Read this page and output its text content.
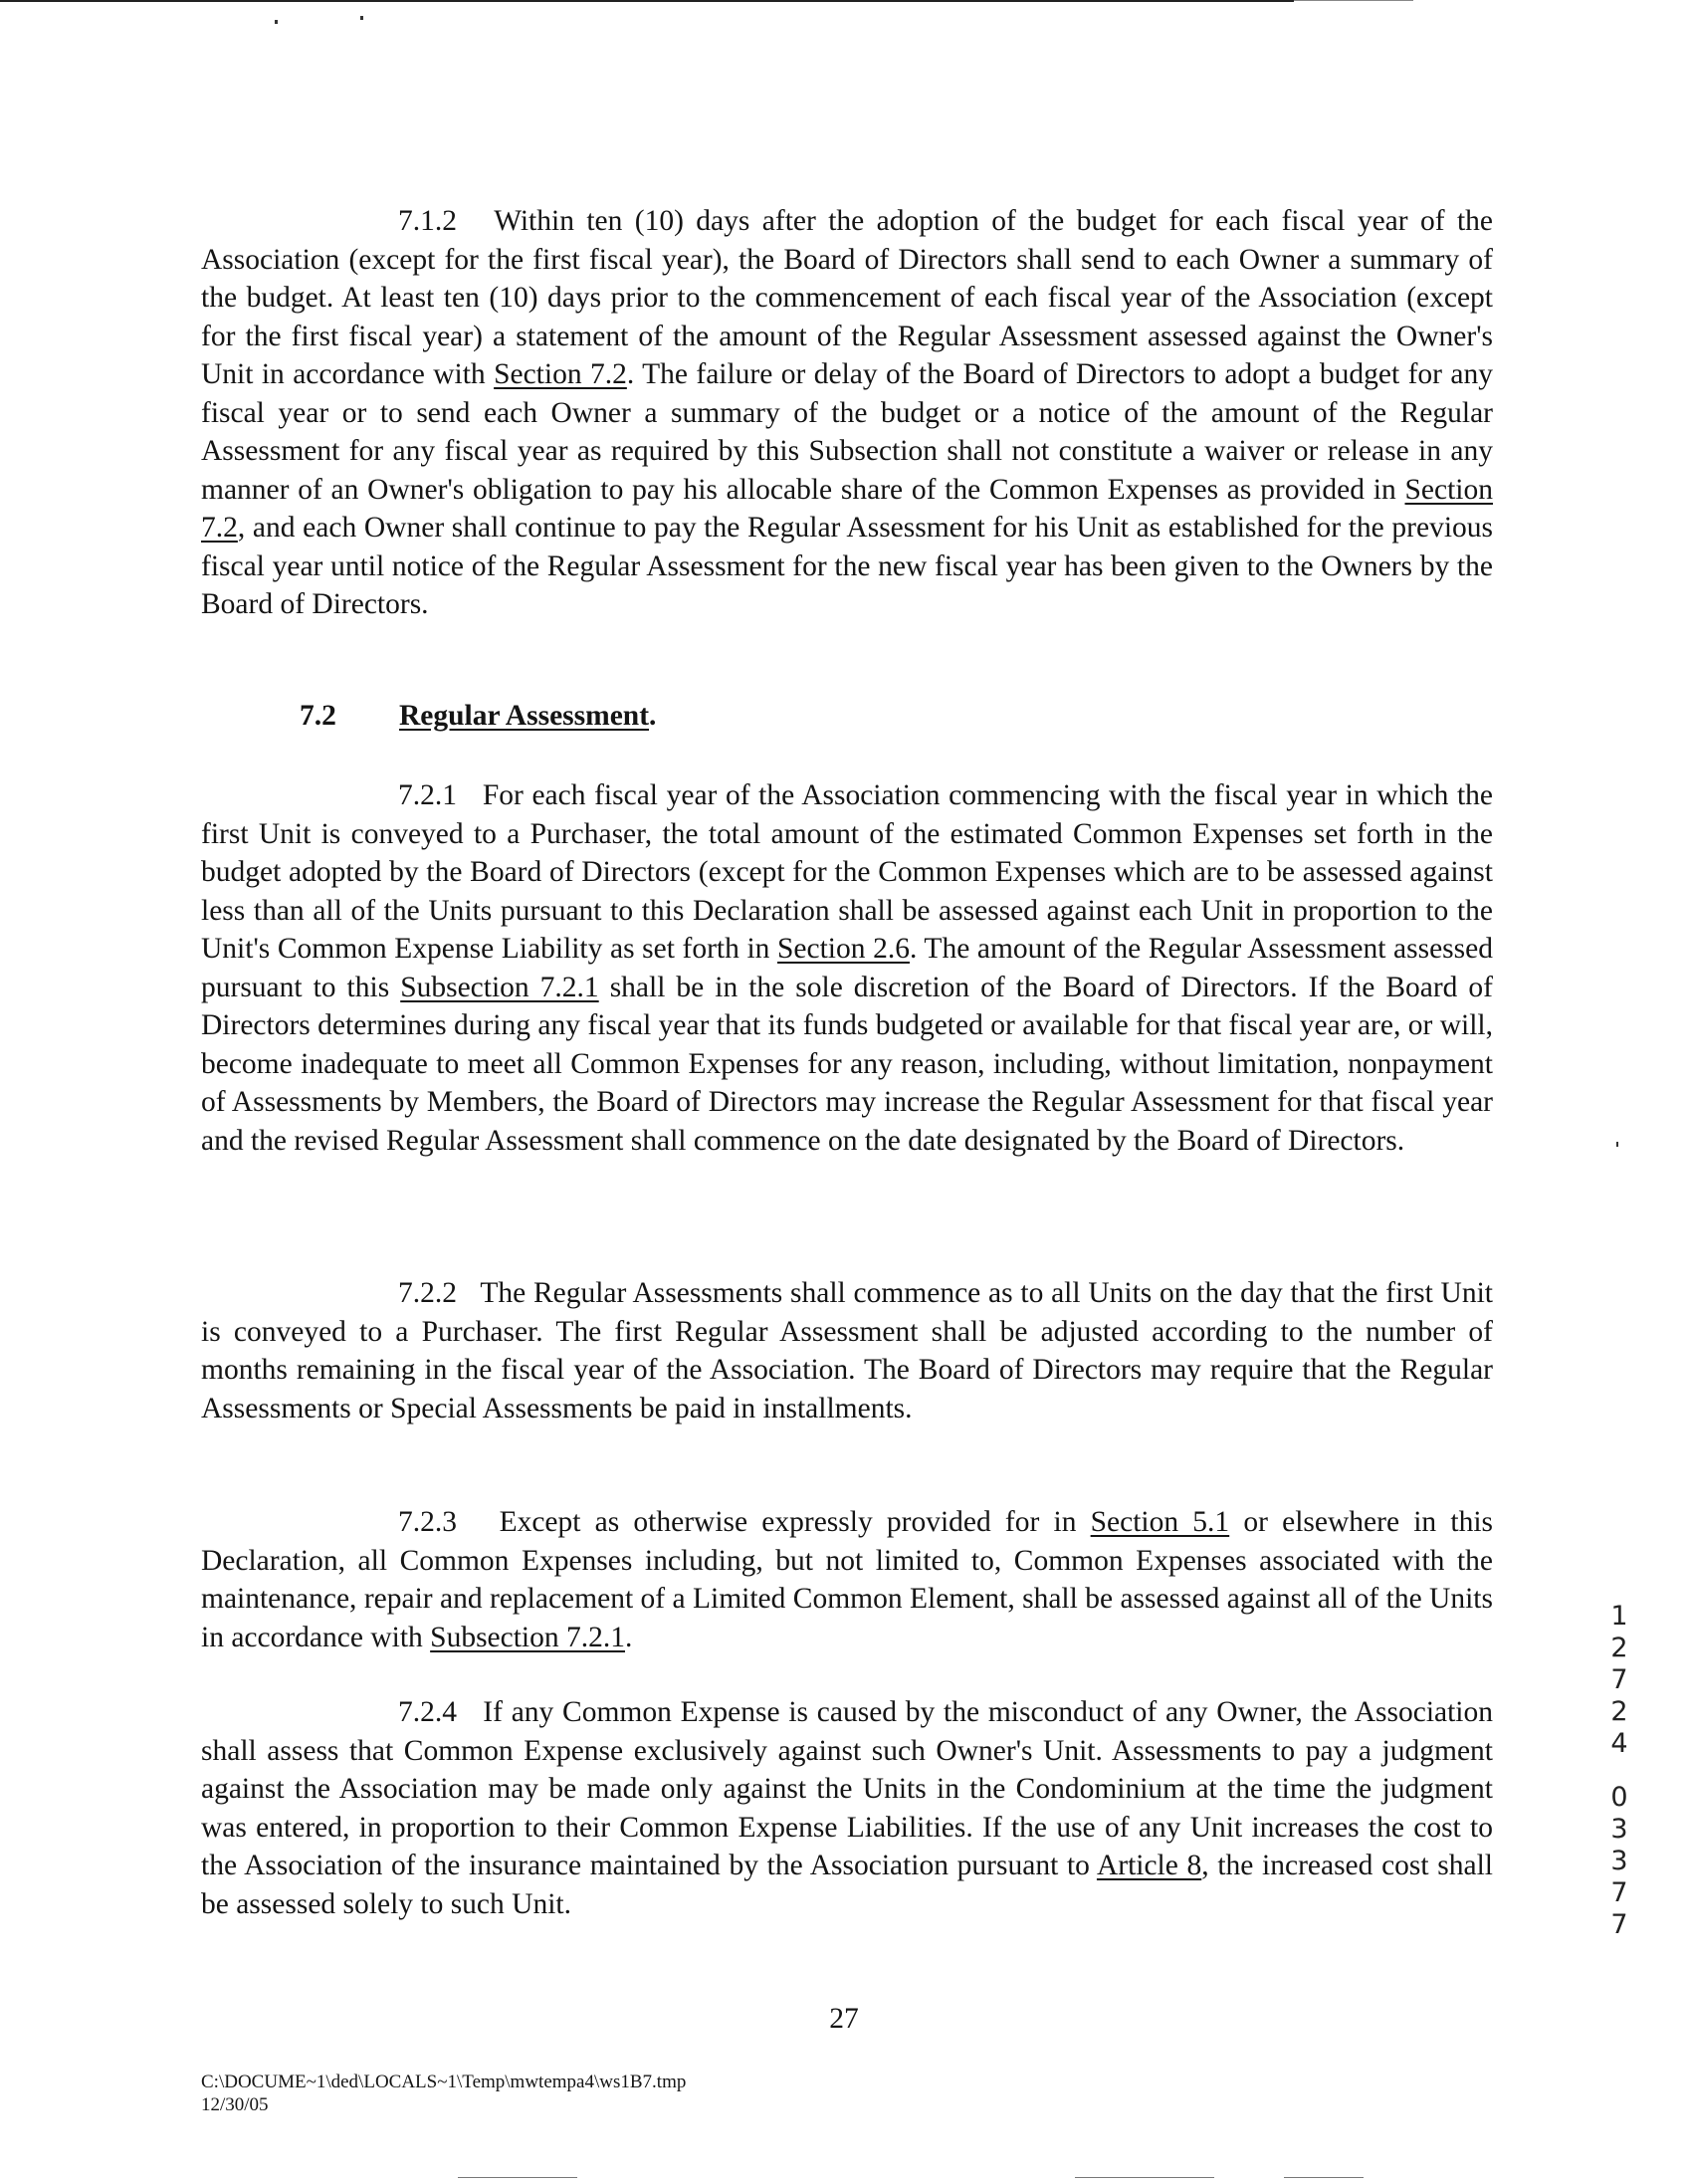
7.1.2 Within ten (10) days after the adoption of the budget for each fiscal year of the Association (except for the first fiscal year), the Board of Directors shall send to each Owner a summary of the budget. At least ten (10) days prior to the commencement of each fiscal year of the Association (except for the first fiscal year) a statement of the amount of the Regular Assessment assessed against the Owner's Unit in accordance with Section 7.2. The failure or delay of the Board of Directors to adopt a budget for any fiscal year or to send each Owner a summary of the budget or a notice of the amount of the Regular Assessment for any fiscal year as required by this Subsection shall not constitute a waiver or release in any manner of an Owner's obligation to pay his allocable share of the Common Expenses as provided in Section 7.2, and each Owner shall continue to pay the Regular Assessment for his Unit as established for the previous fiscal year until notice of the Regular Assessment for the new fiscal year has been given to the Owners by the Board of Directors.

7.2 Regular Assessment.

7.2.1 For each fiscal year of the Association commencing with the fiscal year in which the first Unit is conveyed to a Purchaser, the total amount of the estimated Common Expenses set forth in the budget adopted by the Board of Directors (except for the Common Expenses which are to be assessed against less than all of the Units pursuant to this Declaration shall be assessed against each Unit in proportion to the Unit's Common Expense Liability as set forth in Section 2.6. The amount of the Regular Assessment assessed pursuant to this Subsection 7.2.1 shall be in the sole discretion of the Board of Directors. If the Board of Directors determines during any fiscal year that its funds budgeted or available for that fiscal year are, or will, become inadequate to meet all Common Expenses for any reason, including, without limitation, nonpayment of Assessments by Members, the Board of Directors may increase the Regular Assessment for that fiscal year and the revised Regular Assessment shall commence on the date designated by the Board of Directors.

7.2.2 The Regular Assessments shall commence as to all Units on the day that the first Unit is conveyed to a Purchaser. The first Regular Assessment shall be adjusted according to the number of months remaining in the fiscal year of the Association. The Board of Directors may require that the Regular Assessments or Special Assessments be paid in installments.

7.2.3 Except as otherwise expressly provided for in Section 5.1 or elsewhere in this Declaration, all Common Expenses including, but not limited to, Common Expenses associated with the maintenance, repair and replacement of a Limited Common Element, shall be assessed against all of the Units in accordance with Subsection 7.2.1.

7.2.4 If any Common Expense is caused by the misconduct of any Owner, the Association shall assess that Common Expense exclusively against such Owner's Unit. Assessments to pay a judgment against the Association may be made only against the Units in the Condominium at the time the judgment was entered, in proportion to their Common Expense Liabilities. If the use of any Unit increases the cost to the Association of the insurance maintained by the Association pursuant to Article 8, the increased cost shall be assessed solely to such Unit.

27
C:\DOCUME~1\ded\LOCALS~1\Temp\mwtempa4\ws1B7.tmp
12/30/05
1
2
7
2
4
0
3
3
7
7
